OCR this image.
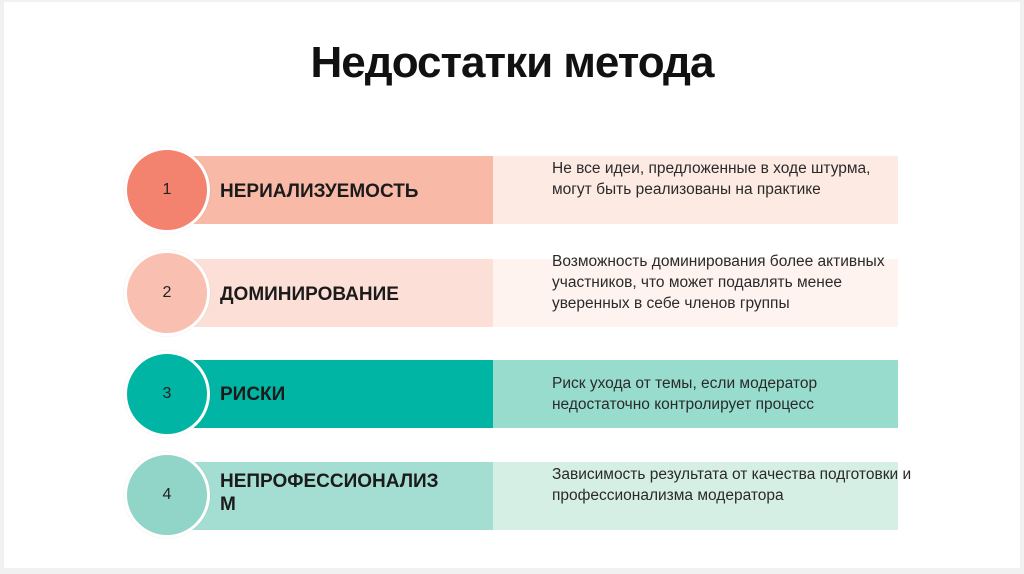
Недостатки метода
1	НЕРИАЛИЗУЕМОСТЬ
Не все идеи, предложенные в ходе штурма, могут быть реализованы на практике
2	ДОМИНИРОВАНИЕ
Возможность доминирования более активных участников, что может подавлять менее уверенных в себе членов группы
3	РИСКИ
Риск ухода от темы, если модератор недостаточно контролирует процесс
4
НЕПРОФЕССИОНАЛИЗ М
Зависимость результата от качества подготовки и профессионализма модератора
